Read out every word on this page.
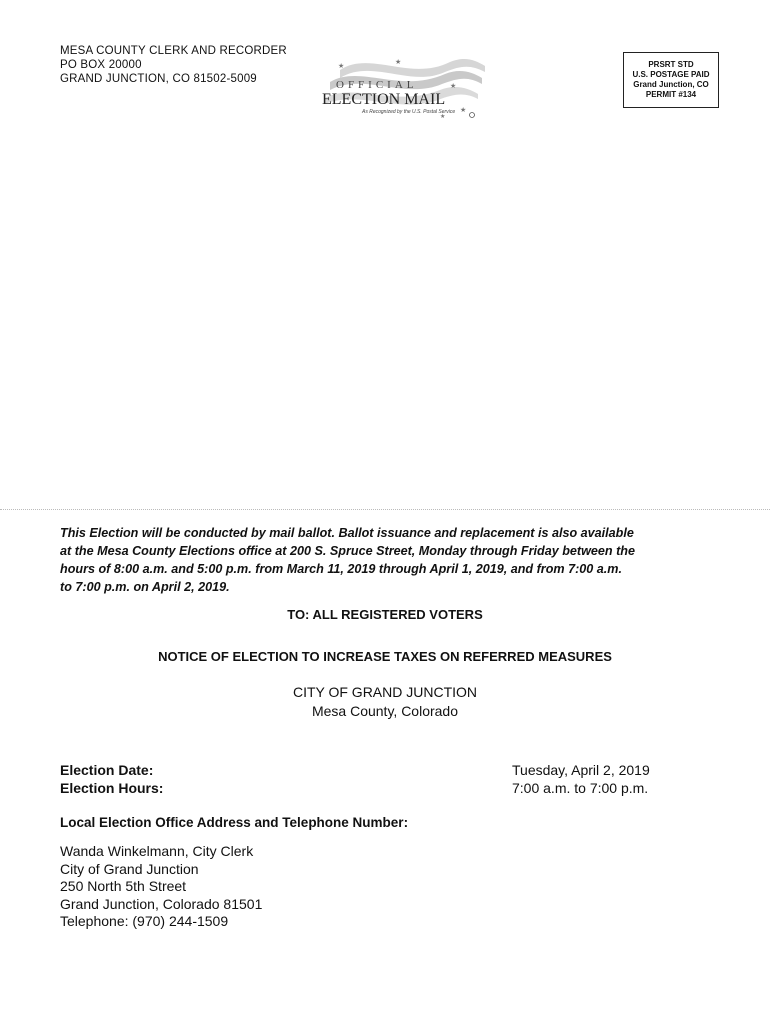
MESA COUNTY CLERK AND RECORDER
PO BOX 20000
GRAND JUNCTION, CO 81502-5009
★
★
★
★
★
OFFICIAL
ELECTION MAIL
As Recognized by the U.S. Postal Service
PRSRT STD
U.S. POSTAGE PAID
Grand Junction, CO
PERMIT #134
This Election will be conducted by mail ballot. Ballot issuance and replacement is also available
at the Mesa County Elections office at 200 S. Spruce Street, Monday through Friday between the
hours of 8:00 a.m. and 5:00 p.m. from March 11, 2019 through April 1, 2019, and from 7:00 a.m.
to 7:00 p.m. on April 2, 2019.
TO: ALL REGISTERED VOTERS
NOTICE OF ELECTION TO INCREASE TAXES ON REFERRED MEASURES
CITY OF GRAND JUNCTION
Mesa County, Colorado
Election Date:	Tuesday, April 2, 2019
Election Hours:	7:00 a.m. to 7:00 p.m.
Local Election Office Address and Telephone Number:
Wanda Winkelmann, City Clerk
City of Grand Junction
250 North 5th Street
Grand Junction, Colorado 81501
Telephone: (970) 244-1509
